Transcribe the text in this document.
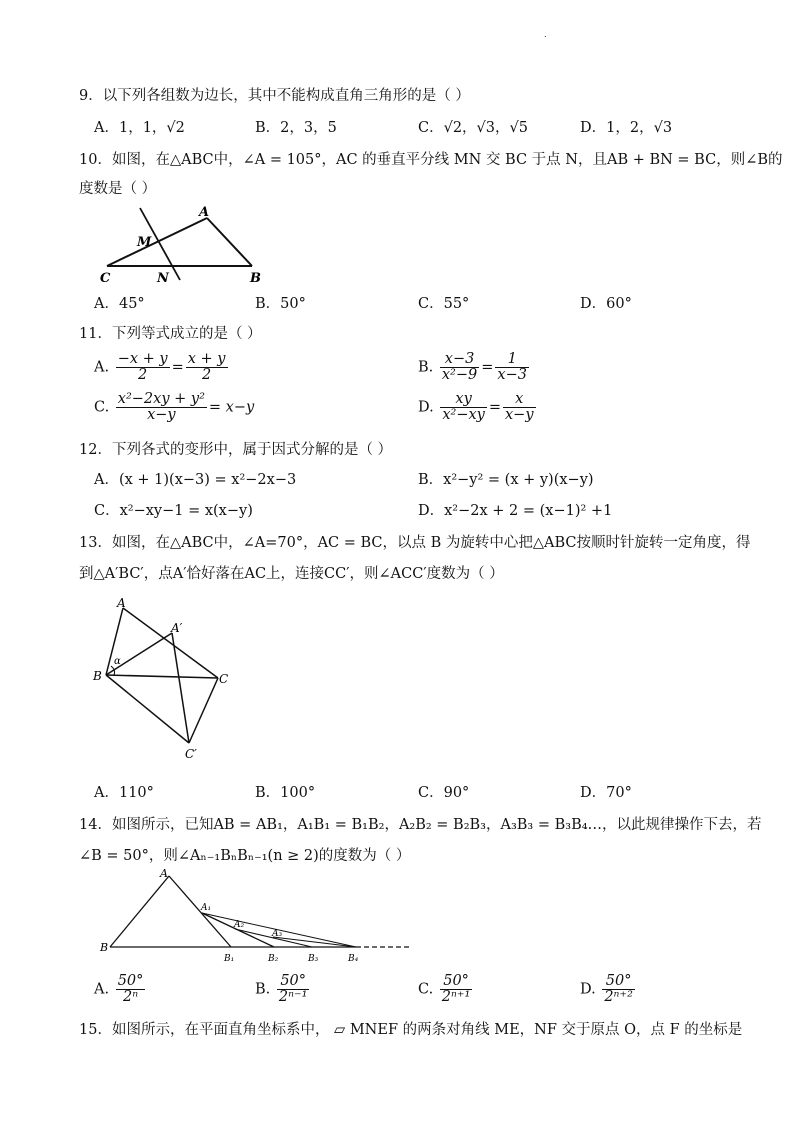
.
9．以下列各组数为边长，其中不能构成直角三角形的是（ ）
A．1，1，√2	B．2，3，5	C．√2，√3，√5	D．1，2，√3
10．如图，在△ABC中，∠A = 105°，AC 的垂直平分线 MN 交 BC 于点 N，且AB + BN = BC，则∠B的
度数是（ ）
A
M
C	N	B
A．45°	B．50°	C．55°	D．60°
11．下列等式成立的是（ ）
A. $\frac{-x + y}{2} = \frac{x + y}{2}$	B. $\frac{x-3}{\text{x²−9}} = \frac{1}{x-3}$
C. $\frac{\text{x²−2xy + y²}}{x-y} = x-y$	D. $\frac{xy}{\text{x²−xy}} = \frac{x}{x-y}$
12．下列各式的变形中，属于因式分解的是（ ）
A．(x + 1)(x−3) = x²−2x−3	B．x²−y² = (x + y)(x−y)
C．x²−xy−1 = x(x−y)	D．x²−2x + 2 = (x−1)² +1
13．如图，在△ABC中，∠A=70°，AC = BC，以点 B 为旋转中心把△ABC按顺时针旋转一定角度，得
到△A′BC′，点A′恰好落在AC上，连接CC′，则∠ACC′度数为（ ）
A
A′
B	C
C′
α
A．110°	B．100°	C．90°	D．70°
14．如图所示，已知AB = AB₁，A₁B₁ = B₁B₂，A₂B₂ = B₂B₃，A₃B₃ = B₃B₄…，以此规律操作下去，若
∠B = 50°，则∠Aₙ₋₁BₙBₙ₋₁(n ≥ 2)的度数为（ ）
A
A₁
A₂
A₃
B
B₁	B₂	B₃	B₄
A. $\frac{50^\circ}{\text{2ⁿ}}$	B. $\frac{50^\circ}{\text{2ⁿ⁻¹}}$	C. $\frac{50^\circ}{\text{2ⁿ⁺¹}}$	D. $\frac{50^\circ}{\text{2ⁿ⁺²}}$
15．如图所示，在平面直角坐标系中， ▱ MNEF 的两条对角线 ME，NF 交于原点 O，点 F 的坐标是
